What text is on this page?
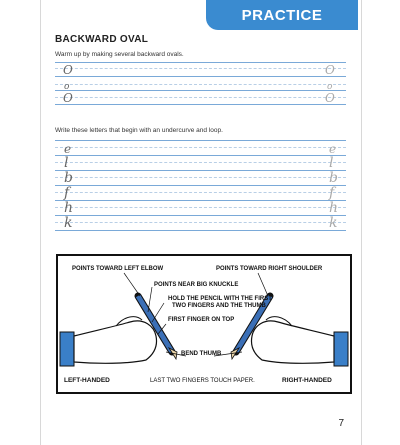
PRACTICE
BACKWARD OVAL
Warm up by making several backward ovals.
O	O
o	o
O	O
Write these letters that begin with an undercurve and loop.
e	e
l	l
b	b
f	f
h	h
k	k
POINTS TOWARD LEFT ELBOW	POINTS TOWARD RIGHT SHOULDER
POINTS NEAR BIG KNUCKLE
HOLD THE PENCIL WITH THE FIRST
TWO FINGERS AND THE THUMB
FIRST FINGER ON TOP
BEND THUMB
LEFT-HANDED	LAST TWO FINGERS TOUCH PAPER.	RIGHT-HANDED
7
